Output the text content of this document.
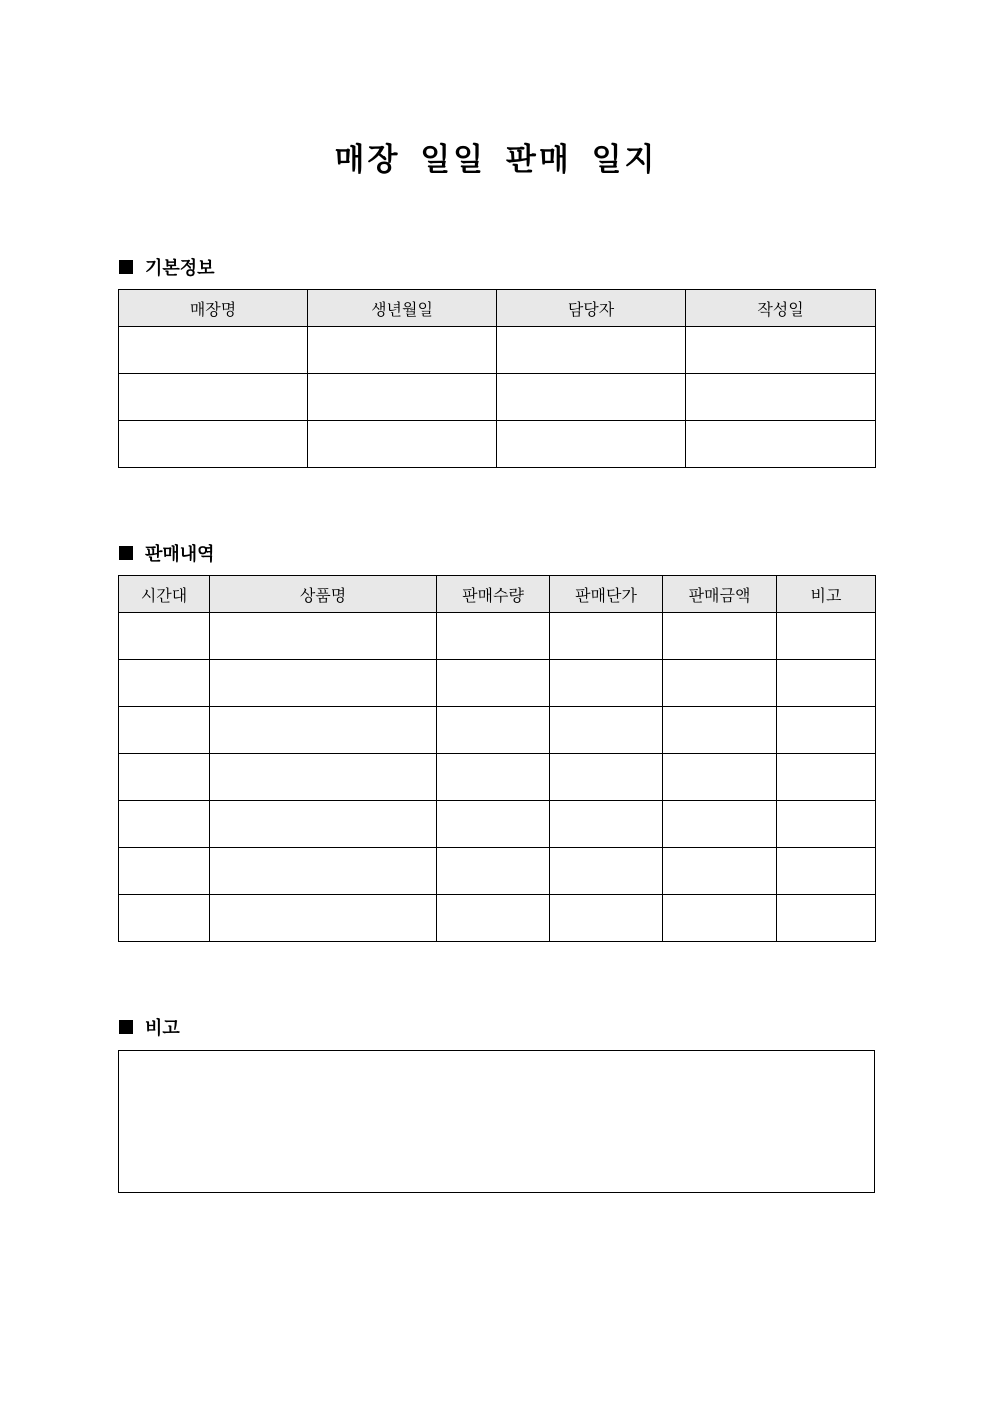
매장 일일 판매 일지
기본정보
매장명	생년월일	담당자	작성일

판매내역
시간대	상품명	판매수량	판매단가	판매금액	비고

비고
